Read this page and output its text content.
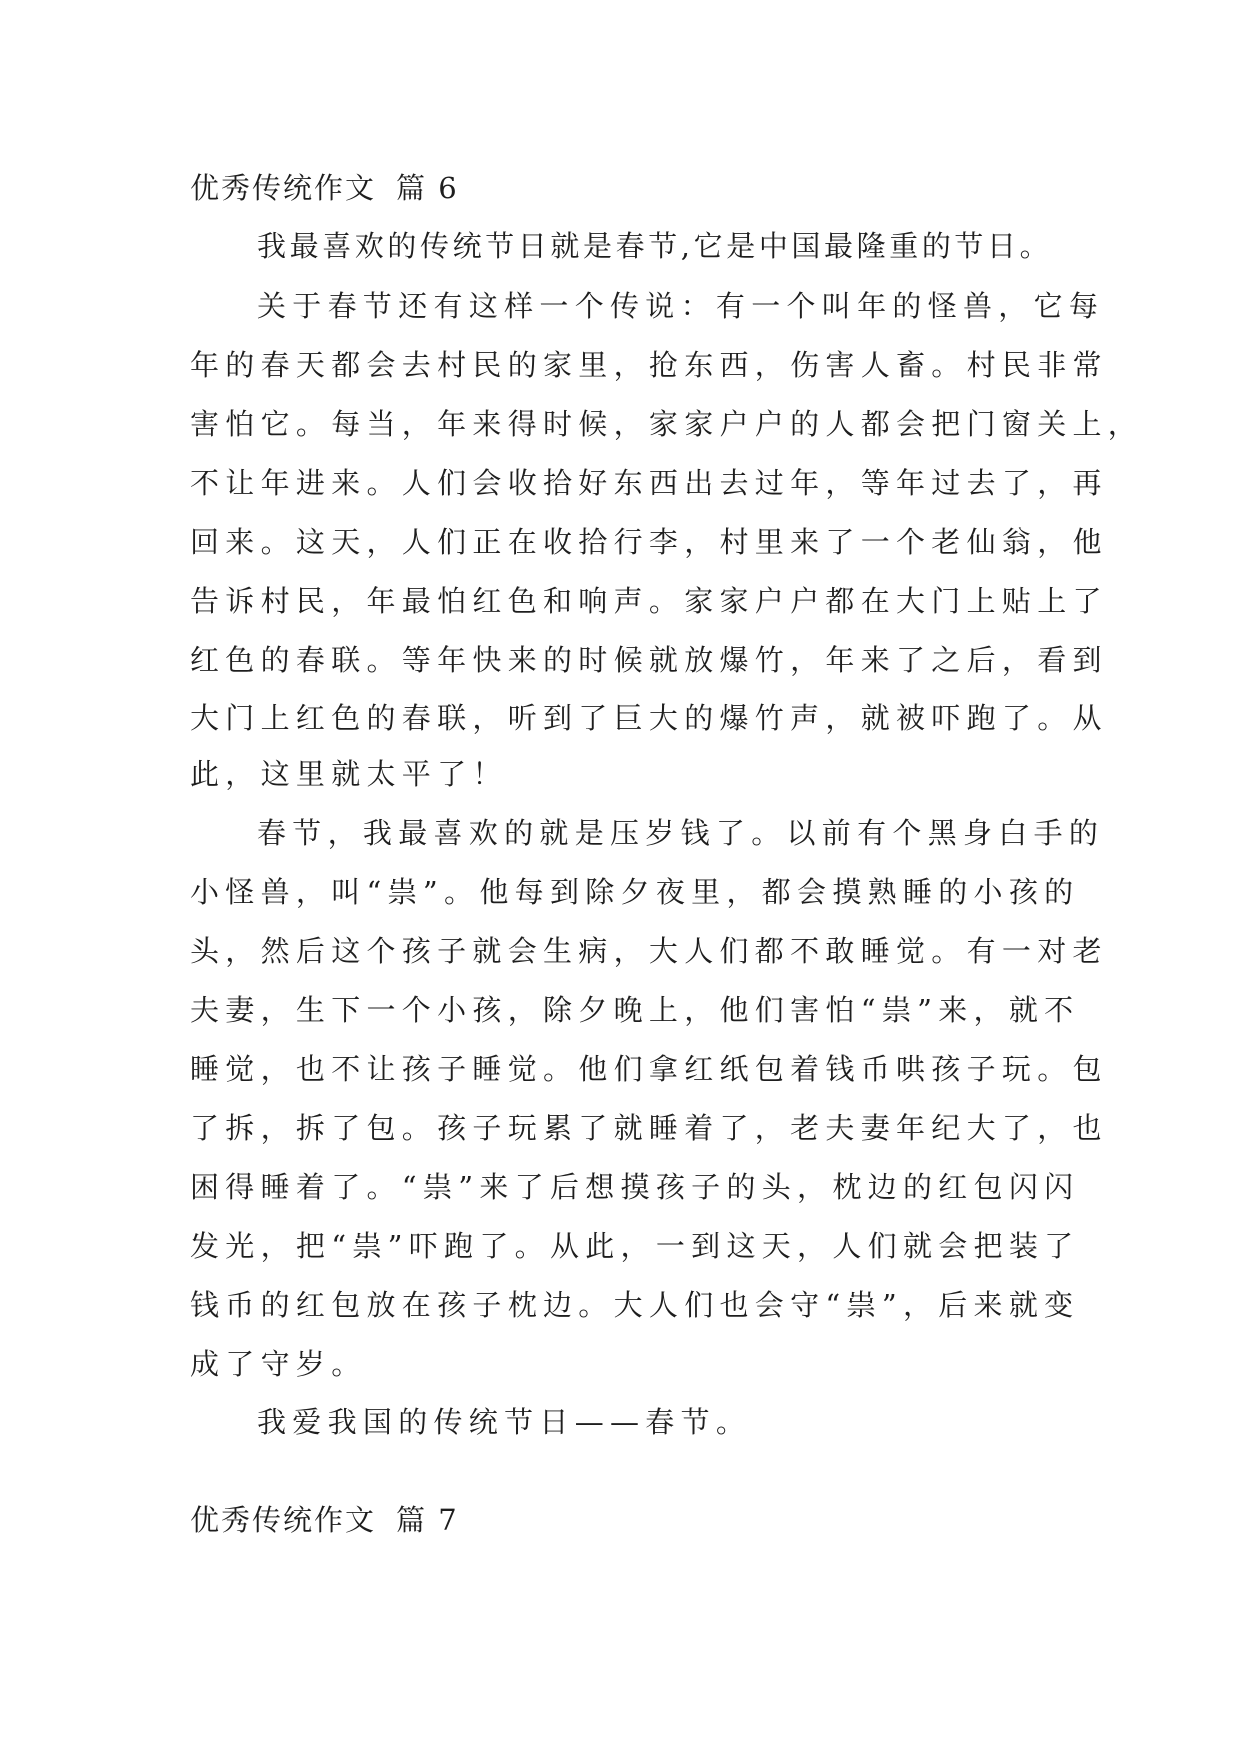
优秀传统作文 篇 6
我最喜欢的传统节日就是春节,它是中国最隆重的节日。
关于春节还有这样一个传说：有一个叫年的怪兽，它每
年的春天都会去村民的家里，抢东西，伤害人畜。村民非常
害怕它。每当，年来得时候，家家户户的人都会把门窗关上，
不让年进来。人们会收拾好东西出去过年，等年过去了，再
回来。这天，人们正在收拾行李，村里来了一个老仙翁，他
告诉村民，年最怕红色和响声。家家户户都在大门上贴上了
红色的春联。等年快来的时候就放爆竹，年来了之后，看到
大门上红色的春联，听到了巨大的爆竹声，就被吓跑了。从
此，这里就太平了！
春节，我最喜欢的就是压岁钱了。以前有个黑身白手的
小怪兽，叫“祟”。他每到除夕夜里，都会摸熟睡的小孩的
头，然后这个孩子就会生病，大人们都不敢睡觉。有一对老
夫妻，生下一个小孩，除夕晚上，他们害怕“祟”来，就不
睡觉，也不让孩子睡觉。他们拿红纸包着钱币哄孩子玩。包
了拆，拆了包。孩子玩累了就睡着了，老夫妻年纪大了，也
困得睡着了。“祟”来了后想摸孩子的头，枕边的红包闪闪
发光，把“祟”吓跑了。从此，一到这天，人们就会把装了
钱币的红包放在孩子枕边。大人们也会守“祟”，后来就变
成了守岁。
我爱我国的传统节日——春节。
优秀传统作文 篇 7
